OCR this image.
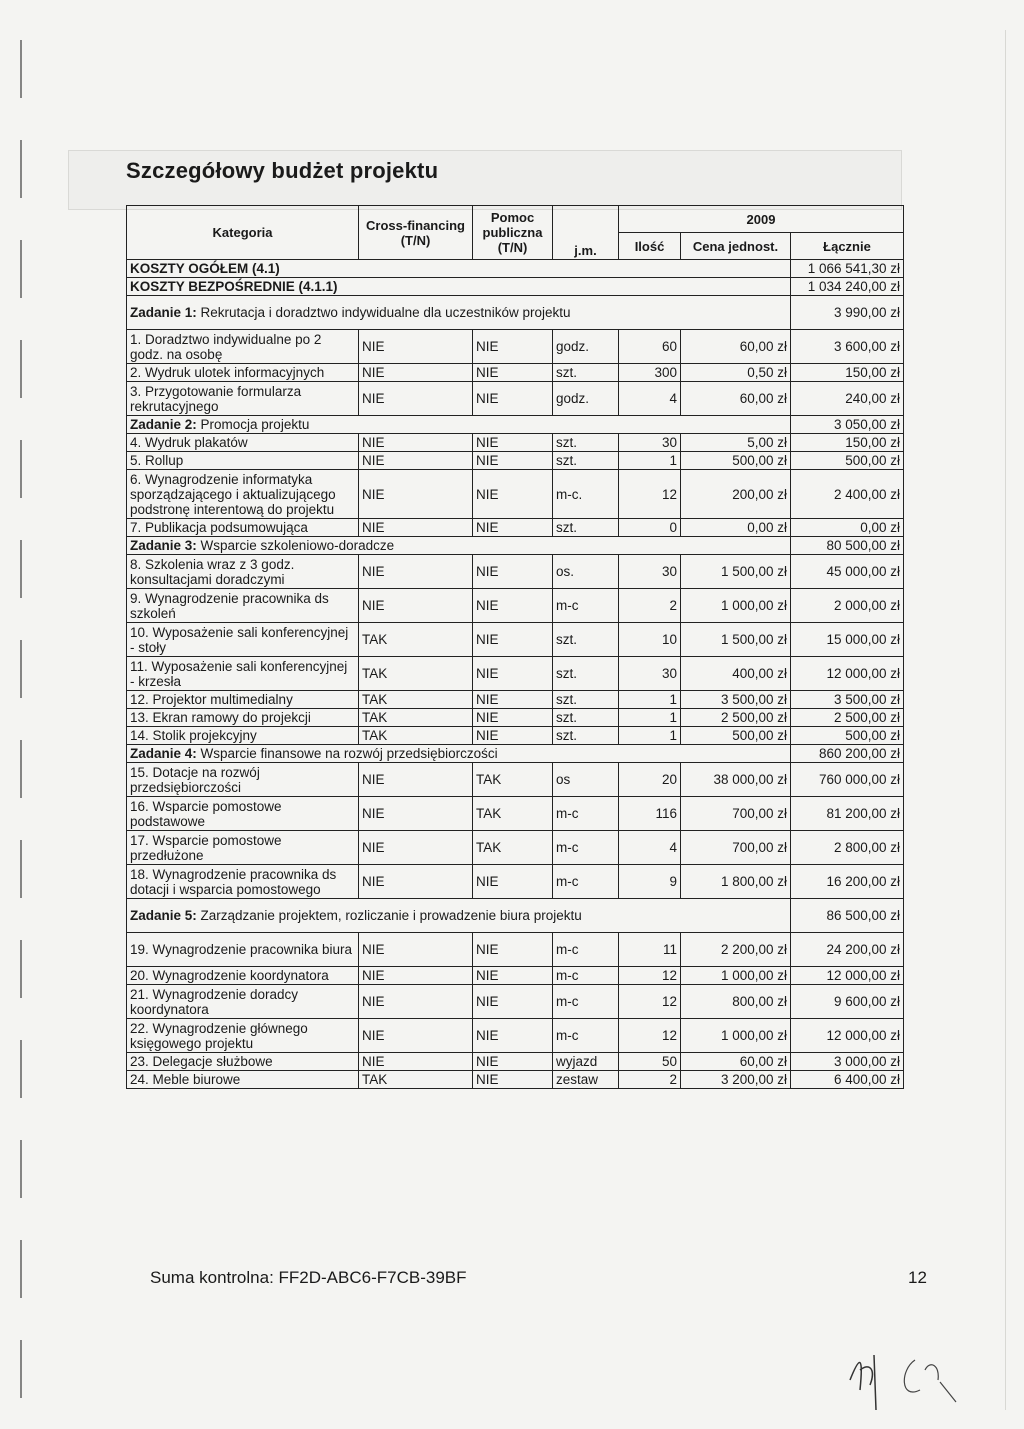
Szczegółowy budżet projektu
Kategoria	Cross-financing (T/N)	Pomoc publiczna (T/N)	j.m.	2009		
				Ilość	Cena jednost.	Łącznie
KOSZTY OGÓŁEM (4.1)						1 066 541,30 zł
KOSZTY BEZPOŚREDNIE (4.1.1)						1 034 240,00 zł
Zadanie 1: Rekrutacja i doradztwo indywidualne dla uczestników projektu						3 990,00 zł
1. Doradztwo indywidualne po 2 godz. na osobę	NIE	NIE	godz.	60	60,00 zł	3 600,00 zł
2. Wydruk ulotek informacyjnych	NIE	NIE	szt.	300	0,50 zł	150,00 zł
3. Przygotowanie formularza rekrutacyjnego	NIE	NIE	godz.	4	60,00 zł	240,00 zł
Zadanie 2: Promocja projektu						3 050,00 zł
4. Wydruk plakatów	NIE	NIE	szt.	30	5,00 zł	150,00 zł
5. Rollup	NIE	NIE	szt.	1	500,00 zł	500,00 zł
6. Wynagrodzenie informatyka sporządzającego i aktualizującego podstronę interentową do projektu	NIE	NIE	m-c.	12	200,00 zł	2 400,00 zł
7. Publikacja podsumowująca	NIE	NIE	szt.	0	0,00 zł	0,00 zł
Zadanie 3: Wsparcie szkoleniowo-doradcze						80 500,00 zł
8. Szkolenia wraz z 3 godz. konsultacjami doradczymi	NIE	NIE	os.	30	1 500,00 zł	45 000,00 zł
9. Wynagrodzenie pracownika ds szkoleń	NIE	NIE	m-c	2	1 000,00 zł	2 000,00 zł
10. Wyposażenie sali konferencyjnej - stoły	TAK	NIE	szt.	10	1 500,00 zł	15 000,00 zł
11. Wyposażenie sali konferencyjnej - krzesła	TAK	NIE	szt.	30	400,00 zł	12 000,00 zł
12. Projektor multimedialny	TAK	NIE	szt.	1	3 500,00 zł	3 500,00 zł
13. Ekran ramowy do projekcji	TAK	NIE	szt.	1	2 500,00 zł	2 500,00 zł
14. Stolik projekcyjny	TAK	NIE	szt.	1	500,00 zł	500,00 zł
Zadanie 4: Wsparcie finansowe na rozwój przedsiębiorczości						860 200,00 zł
15. Dotacje na rozwój przedsiębiorczości	NIE	TAK	os	20	38 000,00 zł	760 000,00 zł
16. Wsparcie pomostowe podstawowe	NIE	TAK	m-c	116	700,00 zł	81 200,00 zł
17. Wsparcie pomostowe przedłużone	NIE	TAK	m-c	4	700,00 zł	2 800,00 zł
18. Wynagrodzenie pracownika ds dotacji i wsparcia pomostowego	NIE	NIE	m-c	9	1 800,00 zł	16 200,00 zł
Zadanie 5: Zarządzanie projektem, rozliczanie i prowadzenie biura projektu						86 500,00 zł
19. Wynagrodzenie pracownika biura	NIE	NIE	m-c	11	2 200,00 zł	24 200,00 zł
20. Wynagrodzenie koordynatora	NIE	NIE	m-c	12	1 000,00 zł	12 000,00 zł
21. Wynagrodzenie doradcy koordynatora	NIE	NIE	m-c	12	800,00 zł	9 600,00 zł
22. Wynagrodzenie głównego księgowego projektu	NIE	NIE	m-c	12	1 000,00 zł	12 000,00 zł
23. Delegacje służbowe	NIE	NIE	wyjazd	50	60,00 zł	3 000,00 zł
24. Meble biurowe	TAK	NIE	zestaw	2	3 200,00 zł	6 400,00 zł
Suma kontrolna: FF2D-ABC6-F7CB-39BF	12
